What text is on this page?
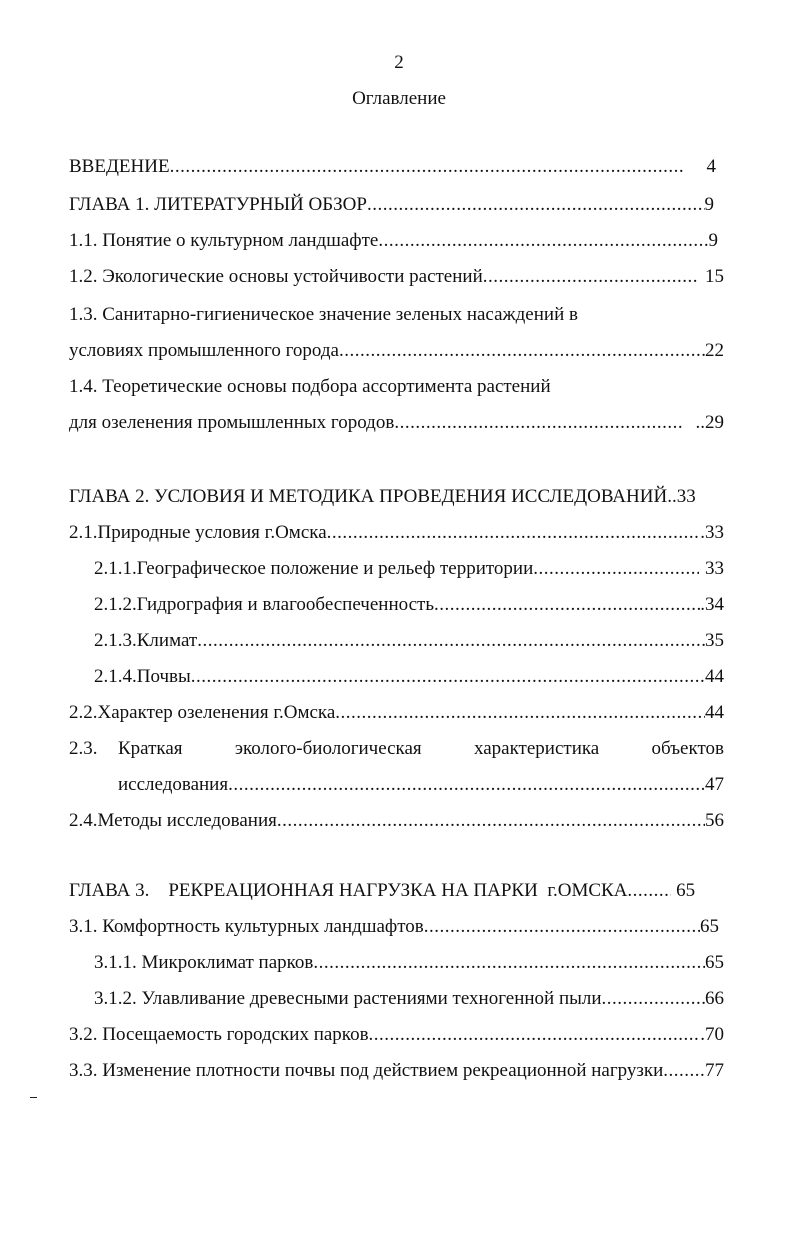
2
Оглавление
ВВЕДЕНИЕ .....	4
ГЛАВА 1. ЛИТЕРАТУРНЫЙ ОБЗОР .....	9
1.1. Понятие о культурном ландшафте .....	9
1.2. Экологические основы устойчивости растений .....	15
1.3. Санитарно-гигиеническое значение зеленых насаждений в
условиях промышленного города .....	22
1.4. Теоретические основы подбора ассортимента растений
для озеленения промышленных городов .....	..29
ГЛАВА 2. УСЛОВИЯ И МЕТОДИКА ПРОВЕДЕНИЯ ИССЛЕДОВАНИЙ..33
2.1. Природные условия г.Омска .....	.33
2.1.1. Географическое положение и рельеф территории .....	33
2.1.2. Гидрография и влагообеспеченность .....	.34
2.1.3. Климат .....	35
2.1.4. Почвы .....	44
2.2. Характер озеленения г.Омска .....	44
2.3.	Краткая	эколого-биологическая	характеристика	объектов
исследования .....	47
2.4. Методы исследования .....	56
ГЛАВА 3.    РЕКРЕАЦИОННАЯ НАГРУЗКА НА ПАРКИ  г.ОМСКА ..... 65
3.1. Комфортность культурных ландшафтов .....	65
3.1.1. Микроклимат парков .....	65
3.1.2. Улавливание древесными растениями техногенной пыли .....	66
3.2. Посещаемость городских парков .....	.70
3.3. Изменение плотности почвы под действием рекреационной нагрузки ..... 77
